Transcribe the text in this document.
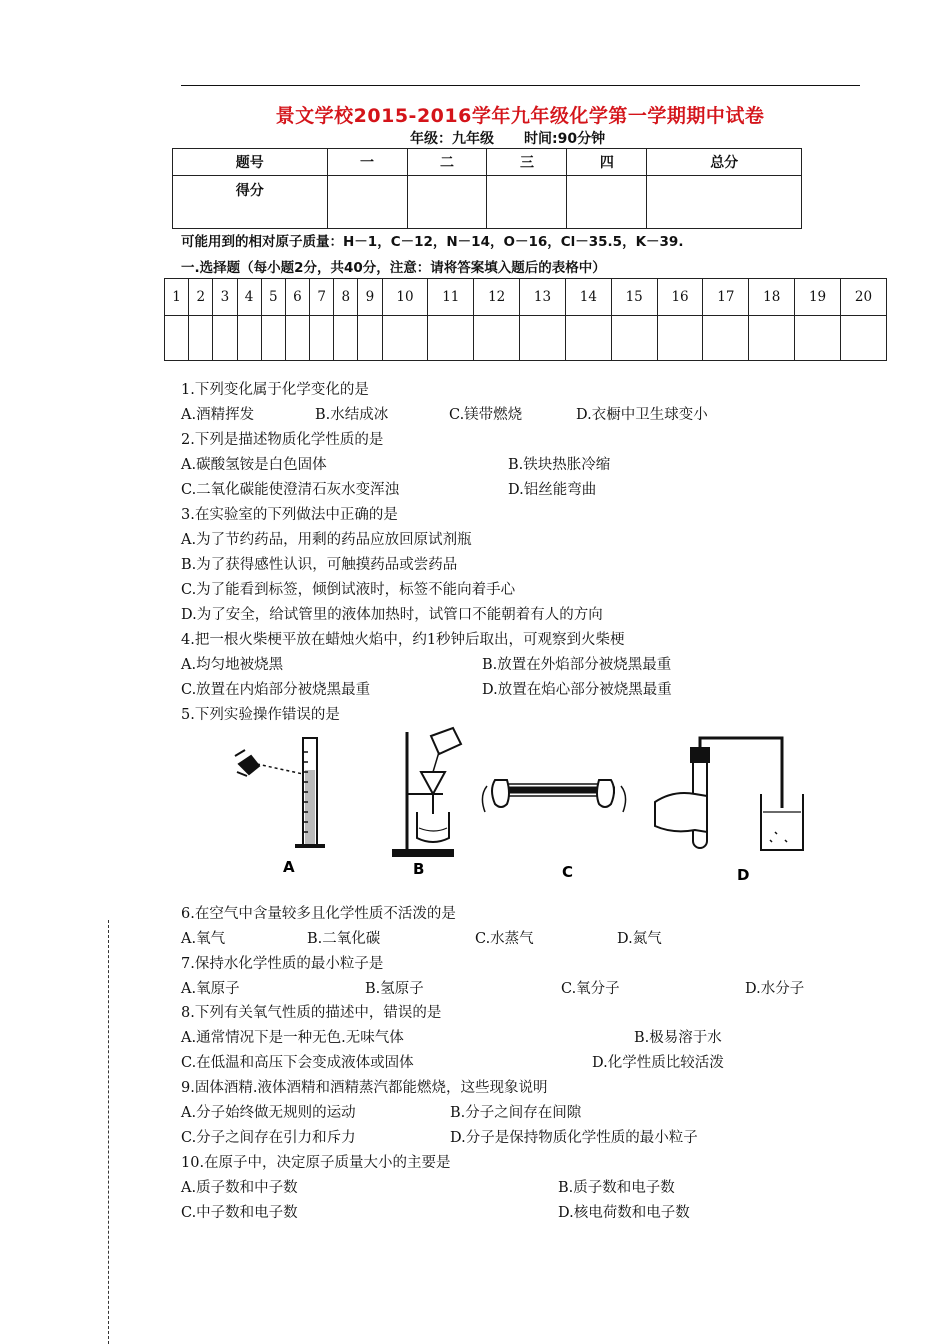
景文学校2015-2016学年九年级化学第一学期期中试卷
年级：九年级 时间:90分钟
题号	一	二	三	四	总分
得分					
可能用到的相对原子质量：H－1，C－12，N－14，O－16，Cl－35.5，K－39.
一.选择题（每小题2分，共40分，注意：请将答案填入题后的表格中）
1	2	3	4	5	6	7	8	9	10	11	12	13	14	15	16	17	18	19	20

1.下列变化属于化学变化的是
A.酒精挥发	B.水结成冰	C.镁带燃烧	D.衣橱中卫生球变小
2.下列是描述物质化学性质的是
A.碳酸氢铵是白色固体	B.铁块热胀冷缩
C.二氧化碳能使澄清石灰水变浑浊	D.铝丝能弯曲
3.在实验室的下列做法中正确的是
A.为了节约药品，用剩的药品应放回原试剂瓶
B.为了获得感性认识，可触摸药品或尝药品
C.为了能看到标签，倾倒试液时，标签不能向着手心
D.为了安全，给试管里的液体加热时，试管口不能朝着有人的方向
4.把一根火柴梗平放在蜡烛火焰中，约1秒钟后取出，可观察到火柴梗
A.均匀地被烧黑	B.放置在外焰部分被烧黑最重
C.放置在内焰部分被烧黑最重	D.放置在焰心部分被烧黑最重
5.下列实验操作错误的是
A	B	C	D
6.在空气中含量较多且化学性质不活泼的是
A.氧气	B.二氧化碳	C.水蒸气	D.氮气
7.保持水化学性质的最小粒子是
A.氧原子	B.氢原子	C.氧分子	D.水分子
8.下列有关氧气性质的描述中，错误的是
A.通常情况下是一种无色.无味气体	B.极易溶于水
C.在低温和高压下会变成液体或固体	D.化学性质比较活泼
9.固体酒精.液体酒精和酒精蒸汽都能燃烧，这些现象说明
A.分子始终做无规则的运动	B.分子之间存在间隙
C.分子之间存在引力和斥力	D.分子是保持物质化学性质的最小粒子
10.在原子中，决定原子质量大小的主要是
A.质子数和中子数	B.质子数和电子数
C.中子数和电子数	D.核电荷数和电子数
